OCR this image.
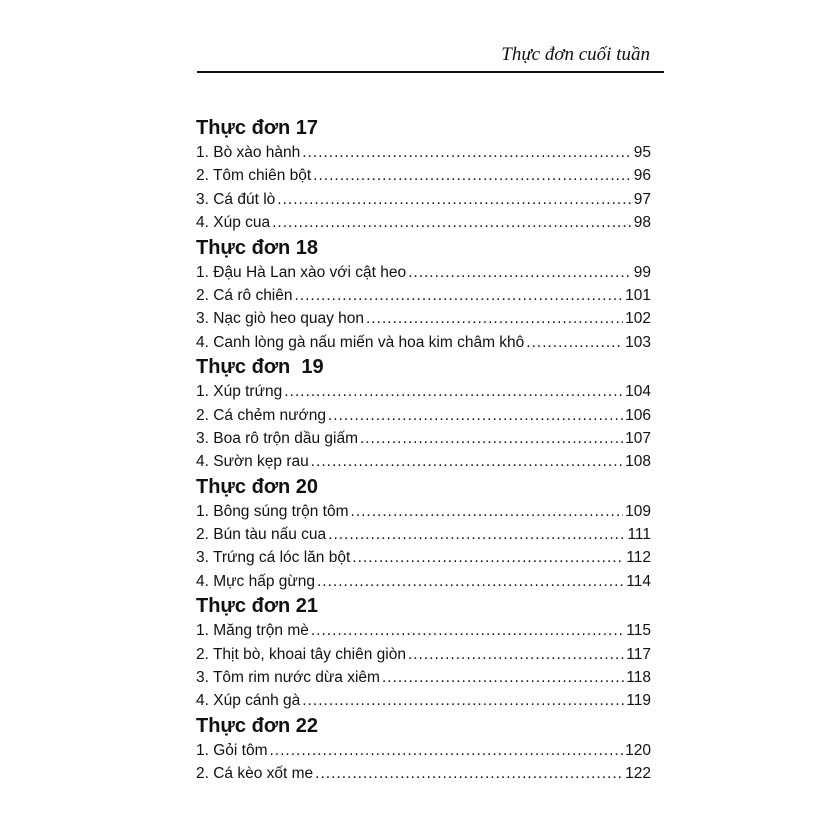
Thực đơn cuối tuần
Thực đơn 17
1. Bò xào hành .....	95
2. Tôm chiên bột .....	96
3. Cá đút lò .....	97
4. Xúp cua .....	98
Thực đơn 18
1. Đậu Hà Lan xào với cật heo .....	99
2. Cá rô chiên .....	101
3. Nạc giò heo quay hon .....	102
4. Canh lòng gà nấu miến và hoa kim châm khô .....	103
Thực đơn  19
1. Xúp trứng .....	104
2. Cá chẻm nướng .....	106
3. Boa rô trộn dầu giấm .....	107
4. Sườn kẹp rau .....	108
Thực đơn 20
1. Bông súng trộn tôm .....	109
2. Bún tàu nấu cua .....	111
3. Trứng cá lóc lăn bột .....	112
4. Mực hấp gừng .....	114
Thực đơn 21
1. Măng trộn mè .....	115
2. Thịt bò, khoai tây chiên giòn .....	117
3. Tôm rim nước dừa xiêm .....	118
4. Xúp cánh gà .....	119
Thực đơn 22
1. Gỏi tôm .....	120
2. Cá kèo xốt me .....	122
